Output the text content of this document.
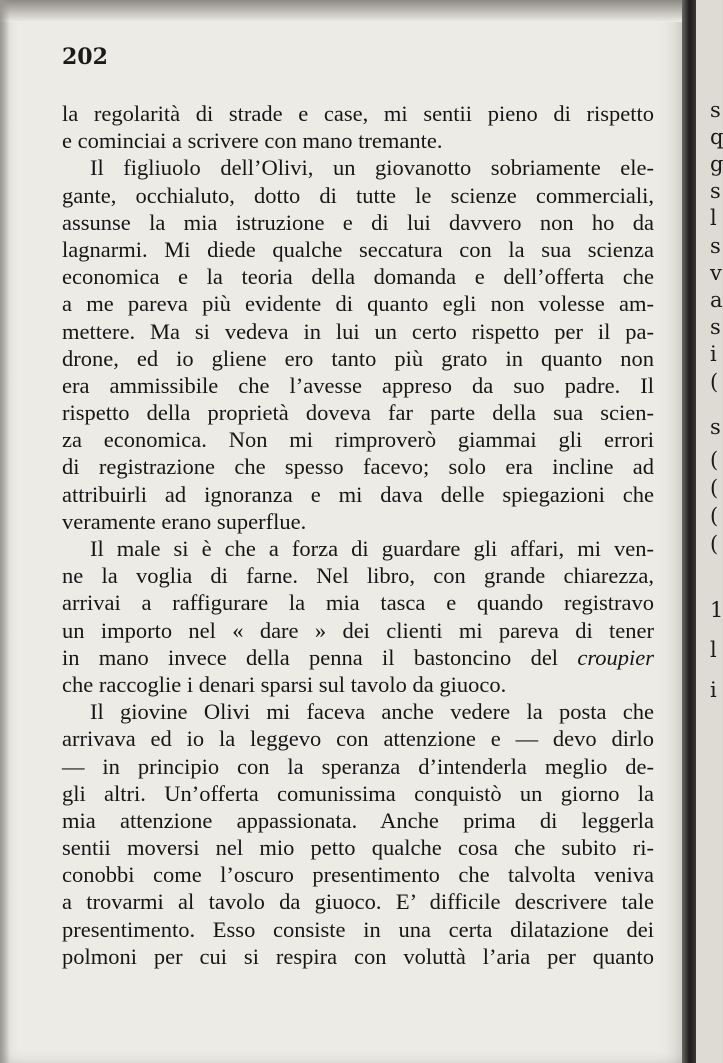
202
la regolarità di strade e case, mi sentii pieno di rispetto
e cominciai a scrivere con mano tremante.
Il figliuolo dell’Olivi, un giovanotto sobriamente ele-
gante, occhialuto, dotto di tutte le scienze commerciali,
assunse la mia istruzione e di lui davvero non ho da
lagnarmi. Mi diede qualche seccatura con la sua scienza
economica e la teoria della domanda e dell’offerta che
a me pareva più evidente di quanto egli non volesse am-
mettere. Ma si vedeva in lui un certo rispetto per il pa-
drone, ed io gliene ero tanto più grato in quanto non
era ammissibile che l’avesse appreso da suo padre. Il
rispetto della proprietà doveva far parte della sua scien-
za economica. Non mi rimproverò giammai gli errori
di registrazione che spesso facevo; solo era incline ad
attribuirli ad ignoranza e mi dava delle spiegazioni che
veramente erano superflue.
Il male si è che a forza di guardare gli affari, mi ven-
ne la voglia di farne. Nel libro, con grande chiarezza,
arrivai a raffigurare la mia tasca e quando registravo
un importo nel « dare » dei clienti mi pareva di tener
in mano invece della penna il bastoncino del croupier
che raccoglie i denari sparsi sul tavolo da giuoco.
Il giovine Olivi mi faceva anche vedere la posta che
arrivava ed io la leggevo con attenzione e — devo dirlo
— in principio con la speranza d’intenderla meglio de-
gli altri. Un’offerta comunissima conquistò un giorno la
mia attenzione appassionata. Anche prima di leggerla
sentii moversi nel mio petto qualche cosa che subito ri-
conobbi come l’oscuro presentimento che talvolta veniva
a trovarmi al tavolo da giuoco. E’ difficile descrivere tale
presentimento. Esso consiste in una certa dilatazione dei
polmoni per cui si respira con voluttà l’aria per quanto
s
q
g
s
l
s
v
a
s
i
(
s
(
(
(
(
1
l
i
